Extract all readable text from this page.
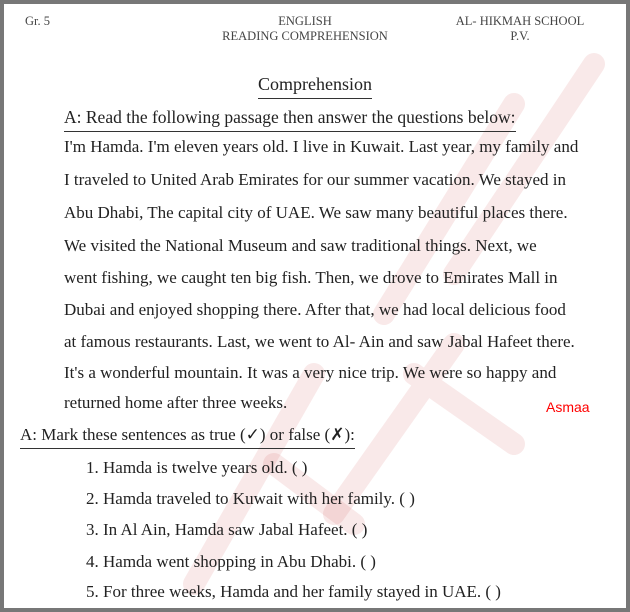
Gr. 5	ENGLISH
READING COMPREHENSION
AL- HIKMAH SCHOOL
P.V.
Comprehension
A: Read the following passage then answer the questions below:
I'm Hamda. I'm eleven years old. I live in Kuwait. Last year, my family and
I traveled to United Arab Emirates for our summer vacation. We stayed in
Abu Dhabi, The capital city of UAE. We saw many beautiful places there.
We visited the National Museum and saw traditional things. Next, we
went fishing, we caught ten big fish. Then, we drove to Emirates Mall in
Dubai and enjoyed shopping there. After that, we had local delicious food
at famous restaurants. Last, we went to Al- Ain and saw Jabal Hafeet there.
It's a wonderful mountain. It was a very nice trip. We were so happy and
returned home after three weeks.	Asmaa
A: Mark these sentences as true (✓) or false (✗):
1. Hamda is twelve years old. ( )
2. Hamda traveled to Kuwait with her family. ( )
3. In Al Ain, Hamda saw Jabal Hafeet. ( )
4. Hamda went shopping in Abu Dhabi. ( )
5. For three weeks, Hamda and her family stayed in UAE. ( )
